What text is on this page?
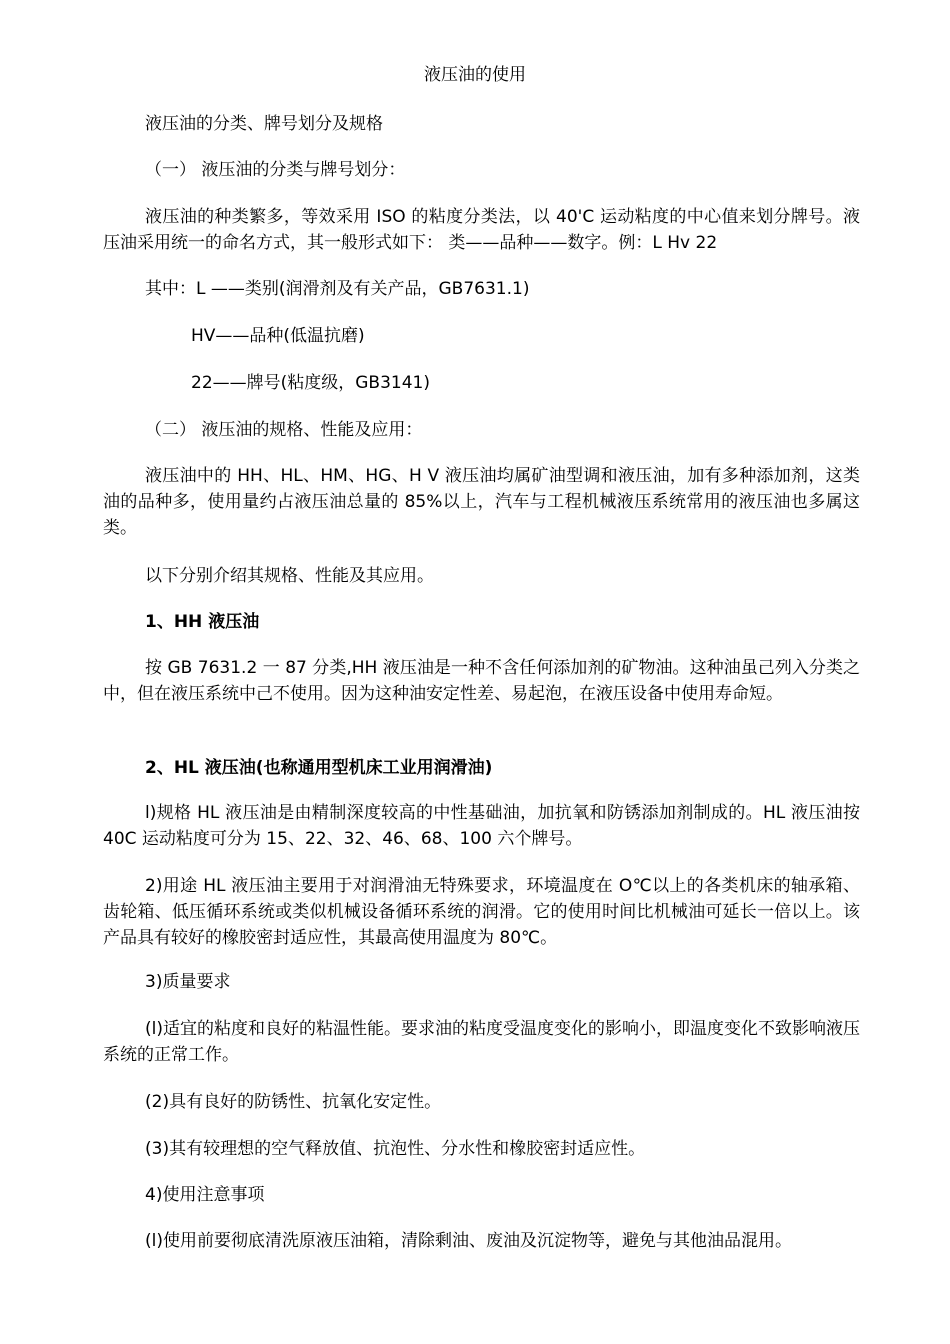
液压油的使用
液压油的分类、牌号划分及规格
（一） 液压油的分类与牌号划分：
液压油的种类繁多，等效采用 ISO 的粘度分类法，以 40'C 运动粘度的中心值来划分牌号。液压油采用统一的命名方式，其一般形式如下： 类——品种——数字。例：L Hv 22
其中：L ——类别(润滑剂及有关产品，GB7631.1)
HV——品种(低温抗磨)
22——牌号(粘度级，GB3141)
（二） 液压油的规格、性能及应用：
液压油中的 HH、HL、HM、HG、H V 液压油均属矿油型调和液压油，加有多种添加剂，这类油的品种多，使用量约占液压油总量的 85%以上，汽车与工程机械液压系统常用的液压油也多属这类。
以下分别介绍其规格、性能及其应用。
1、HH 液压油
按 GB 7631.2 一 87 分类,HH 液压油是一种不含任何添加剂的矿物油。这种油虽己列入分类之中，但在液压系统中己不使用。因为这种油安定性差、易起泡，在液压设备中使用寿命短。
2、HL 液压油(也称通用型机床工业用润滑油)
l)规格 HL 液压油是由精制深度较高的中性基础油，加抗氧和防锈添加剂制成的。HL 液压油按 40C 运动粘度可分为 15、22、32、46、68、100 六个牌号。
2)用途 HL 液压油主要用于对润滑油无特殊要求，环境温度在 O℃以上的各类机床的轴承箱、齿轮箱、低压循环系统或类似机械设备循环系统的润滑。它的使用时间比机械油可延长一倍以上。该产品具有较好的橡胶密封适应性，其最高使用温度为 80℃。
3)质量要求
(l)适宜的粘度和良好的粘温性能。要求油的粘度受温度变化的影响小，即温度变化不致影响液压系统的正常工作。
(2)具有良好的防锈性、抗氧化安定性。
(3)其有较理想的空气释放值、抗泡性、分水性和橡胶密封适应性。
4)使用注意事项
(l)使用前要彻底清洗原液压油箱，清除剩油、废油及沉淀物等，避免与其他油品混用。
